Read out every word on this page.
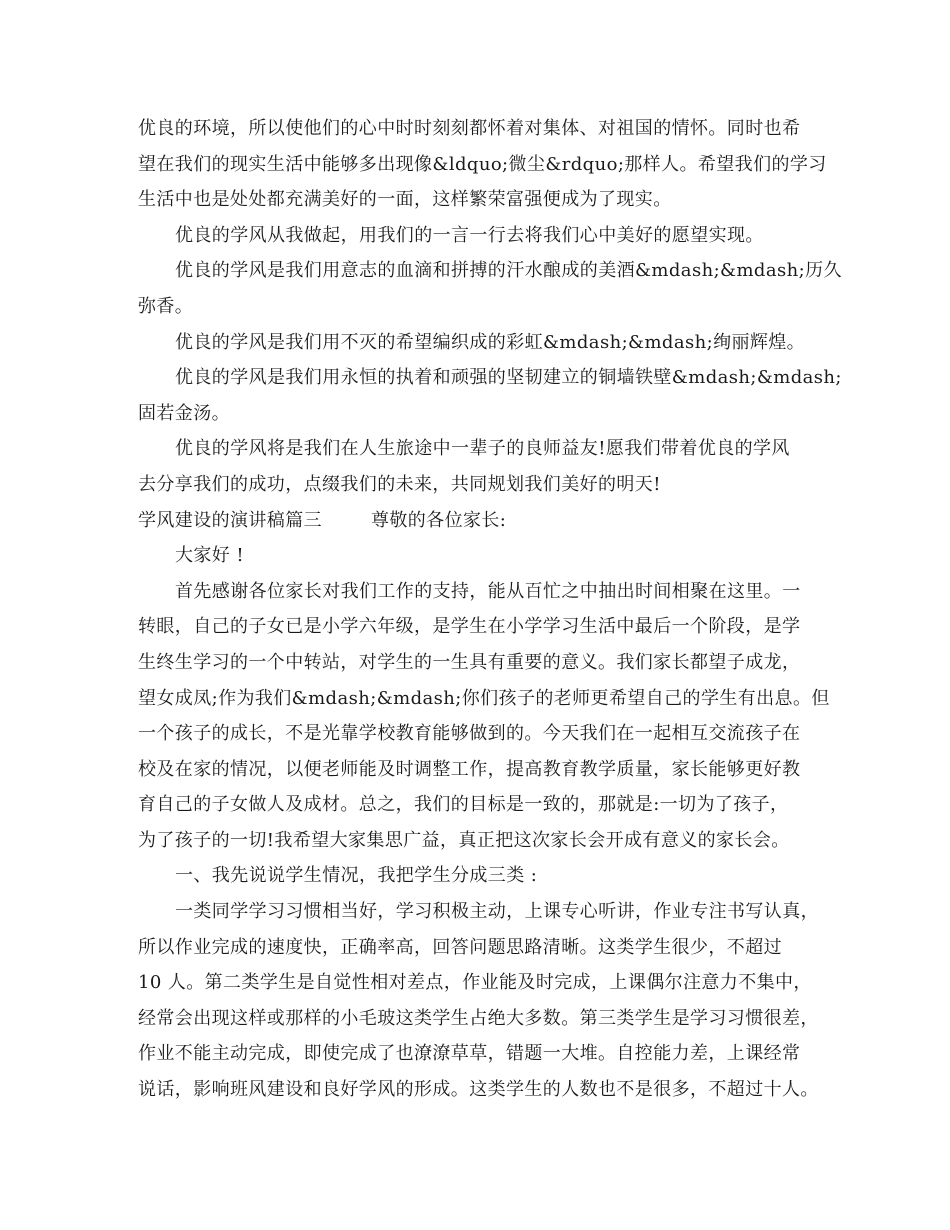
优良的环境，所以使他们的心中时时刻刻都怀着对集体、对祖国的情怀。同时也希
望在我们的现实生活中能够多出现像&ldquo;微尘&rdquo;那样人。希望我们的学习
生活中也是处处都充满美好的一面，这样繁荣富强便成为了现实。
优良的学风从我做起，用我们的一言一行去将我们心中美好的愿望实现。
优良的学风是我们用意志的血滴和拼搏的汗水酿成的美酒&mdash;&mdash;历久
弥香。
优良的学风是我们用不灭的希望编织成的彩虹&mdash;&mdash;绚丽辉煌。
优良的学风是我们用永恒的执着和顽强的坚韧建立的铜墙铁壁&mdash;&mdash;
固若金汤。
优良的学风将是我们在人生旅途中一辈子的良师益友!愿我们带着优良的学风
去分享我们的成功，点缀我们的未来，共同规划我们美好的明天!
学风建设的演讲稿篇三        尊敬的各位家长:
大家好 !
首先感谢各位家长对我们工作的支持，能从百忙之中抽出时间相聚在这里。一
转眼，自己的子女已是小学六年级，是学生在小学学习生活中最后一个阶段，是学
生终生学习的一个中转站，对学生的一生具有重要的意义。我们家长都望子成龙，
望女成凤;作为我们&mdash;&mdash;你们孩子的老师更希望自己的学生有出息。但
一个孩子的成长，不是光靠学校教育能够做到的。今天我们在一起相互交流孩子在
校及在家的情况，以便老师能及时调整工作，提高教育教学质量，家长能够更好教
育自己的子女做人及成材。总之，我们的目标是一致的，那就是:一切为了孩子，
为了孩子的一切!我希望大家集思广益，真正把这次家长会开成有意义的家长会。
一、我先说说学生情况，我把学生分成三类 :
一类同学学习习惯相当好，学习积极主动，上课专心听讲，作业专注书写认真，
所以作业完成的速度快，正确率高，回答问题思路清晰。这类学生很少，不超过
10 人。第二类学生是自觉性相对差点，作业能及时完成，上课偶尔注意力不集中，
经常会出现这样或那样的小毛玻这类学生占绝大多数。第三类学生是学习习惯很差，
作业不能主动完成，即使完成了也潦潦草草，错题一大堆。自控能力差，上课经常
说话，影响班风建设和良好学风的形成。这类学生的人数也不是很多，不超过十人。
